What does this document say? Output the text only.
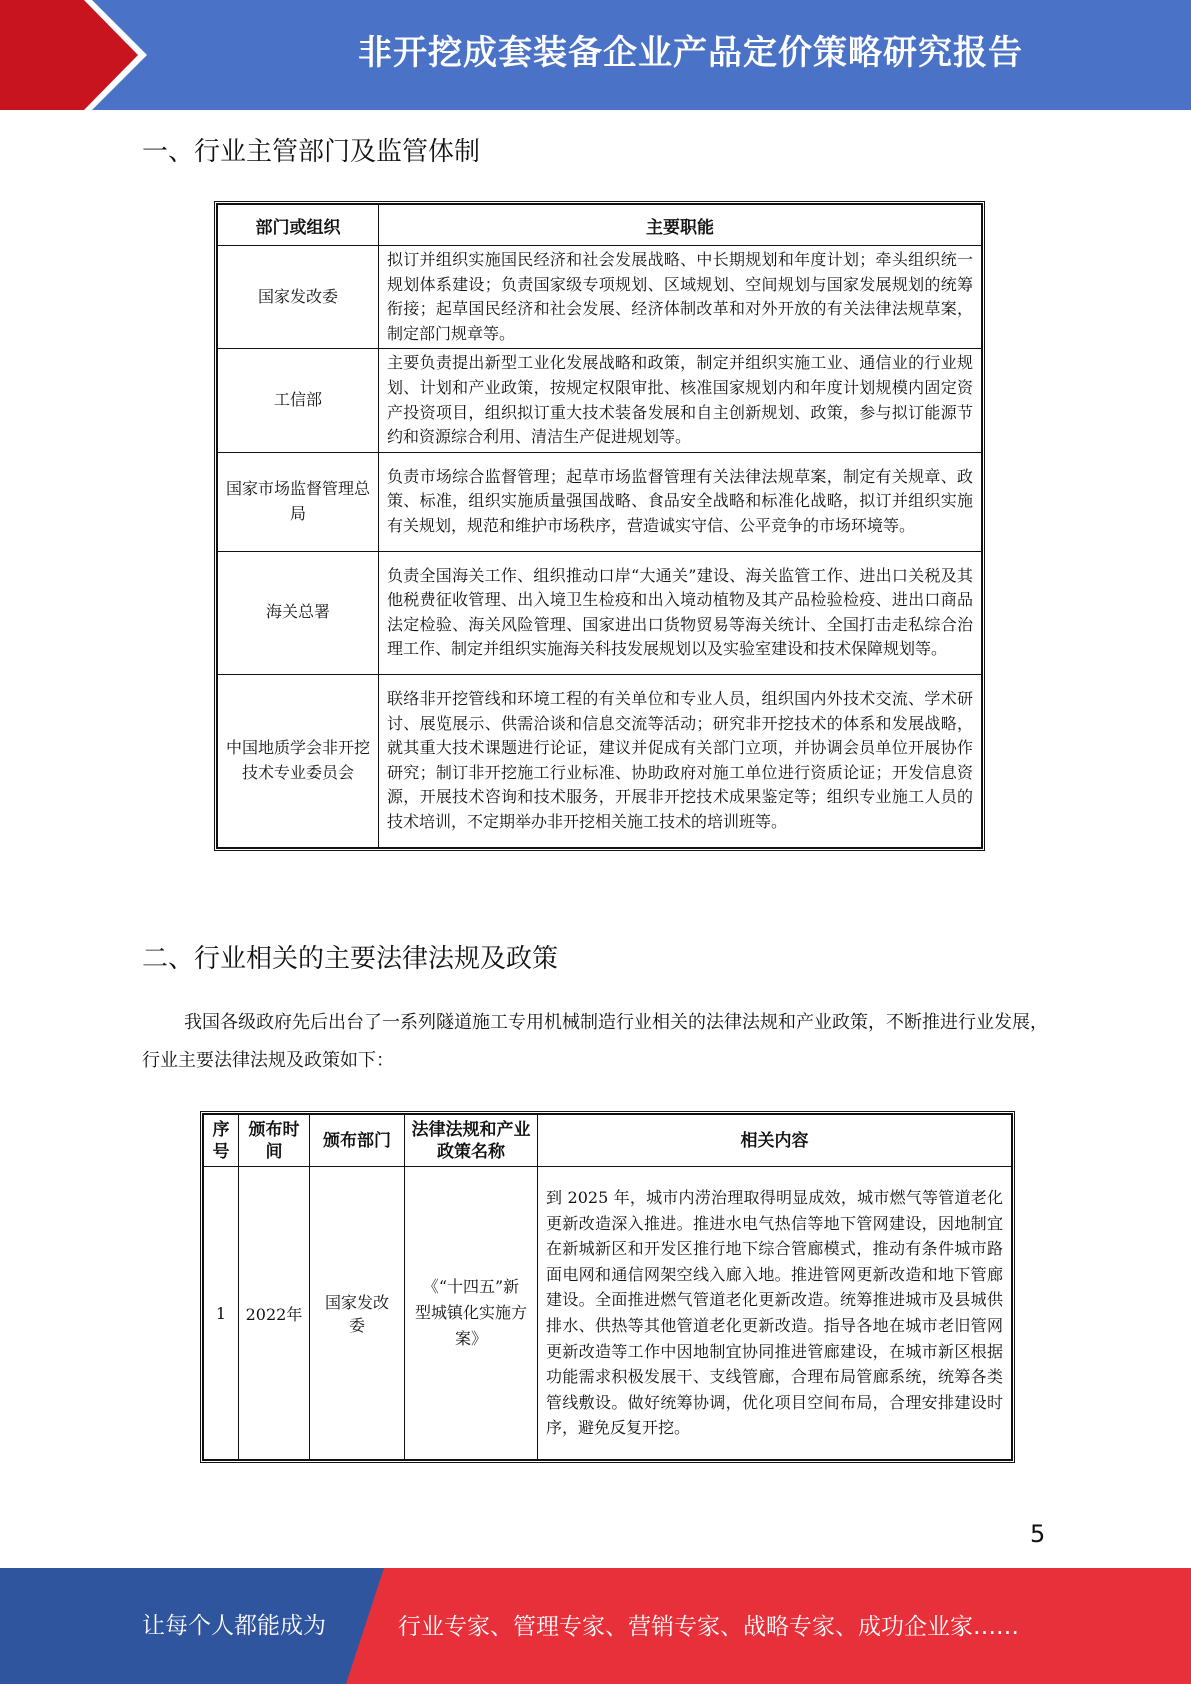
非开挖成套装备企业产品定价策略研究报告
一、行业主管部门及监管体制
部门或组织	主要职能
国家发改委	拟订并组织实施国民经济和社会发展战略、中长期规划和年度计划；牵头组织统一规划体系建设；负责国家级专项规划、区域规划、空间规划与国家发展规划的统筹衔接；起草国民经济和社会发展、经济体制改革和对外开放的有关法律法规草案，制定部门规章等。
工信部	主要负责提出新型工业化发展战略和政策，制定并组织实施工业、通信业的行业规划、计划和产业政策，按规定权限审批、核准国家规划内和年度计划规模内固定资产投资项目，组织拟订重大技术装备发展和自主创新规划、政策，参与拟订能源节约和资源综合利用、清洁生产促进规划等。
国家市场监督管理总局	负责市场综合监督管理；起草市场监督管理有关法律法规草案，制定有关规章、政策、标准，组织实施质量强国战略、食品安全战略和标准化战略，拟订并组织实施有关规划，规范和维护市场秩序，营造诚实守信、公平竞争的市场环境等。
海关总署	负责全国海关工作、组织推动口岸“大通关”建设、海关监管工作、进出口关税及其他税费征收管理、出入境卫生检疫和出入境动植物及其产品检验检疫、进出口商品法定检验、海关风险管理、国家进出口货物贸易等海关统计、全国打击走私综合治理工作、制定并组织实施海关科技发展规划以及实验室建设和技术保障规划等。
中国地质学会非开挖技术专业委员会	联络非开挖管线和环境工程的有关单位和专业人员，组织国内外技术交流、学术研讨、展览展示、供需洽谈和信息交流等活动；研究非开挖技术的体系和发展战略，就其重大技术课题进行论证，建议并促成有关部门立项，并协调会员单位开展协作研究；制订非开挖施工行业标准、协助政府对施工单位进行资质论证；开发信息资源，开展技术咨询和技术服务，开展非开挖技术成果鉴定等；组织专业施工人员的技术培训，不定期举办非开挖相关施工技术的培训班等。
二、行业相关的主要法律法规及政策
我国各级政府先后出台了一系列隧道施工专用机械制造行业相关的法律法规和产业政策，不断推进行业发展，行业主要法律法规及政策如下：
序号	颁布时间	颁布部门	法律法规和产业政策名称	相关内容
1	2022年	国家发改委	《“十四五”新型城镇化实施方案》	到 2025 年，城市内涝治理取得明显成效，城市燃气等管道老化更新改造深入推进。推进水电气热信等地下管网建设，因地制宜在新城新区和开发区推行地下综合管廊模式，推动有条件城市路面电网和通信网架空线入廊入地。推进管网更新改造和地下管廊建设。全面推进燃气管道老化更新改造。统筹推进城市及县城供排水、供热等其他管道老化更新改造。指导各地在城市老旧管网更新改造等工作中因地制宜协同推进管廊建设，在城市新区根据功能需求积极发展干、支线管廊，合理布局管廊系统，统筹各类管线敷设。做好统筹协调，优化项目空间布局，合理安排建设时序，避免反复开挖。
5
让每个人都能成为	行业专家、管理专家、营销专家、战略专家、成功企业家……
